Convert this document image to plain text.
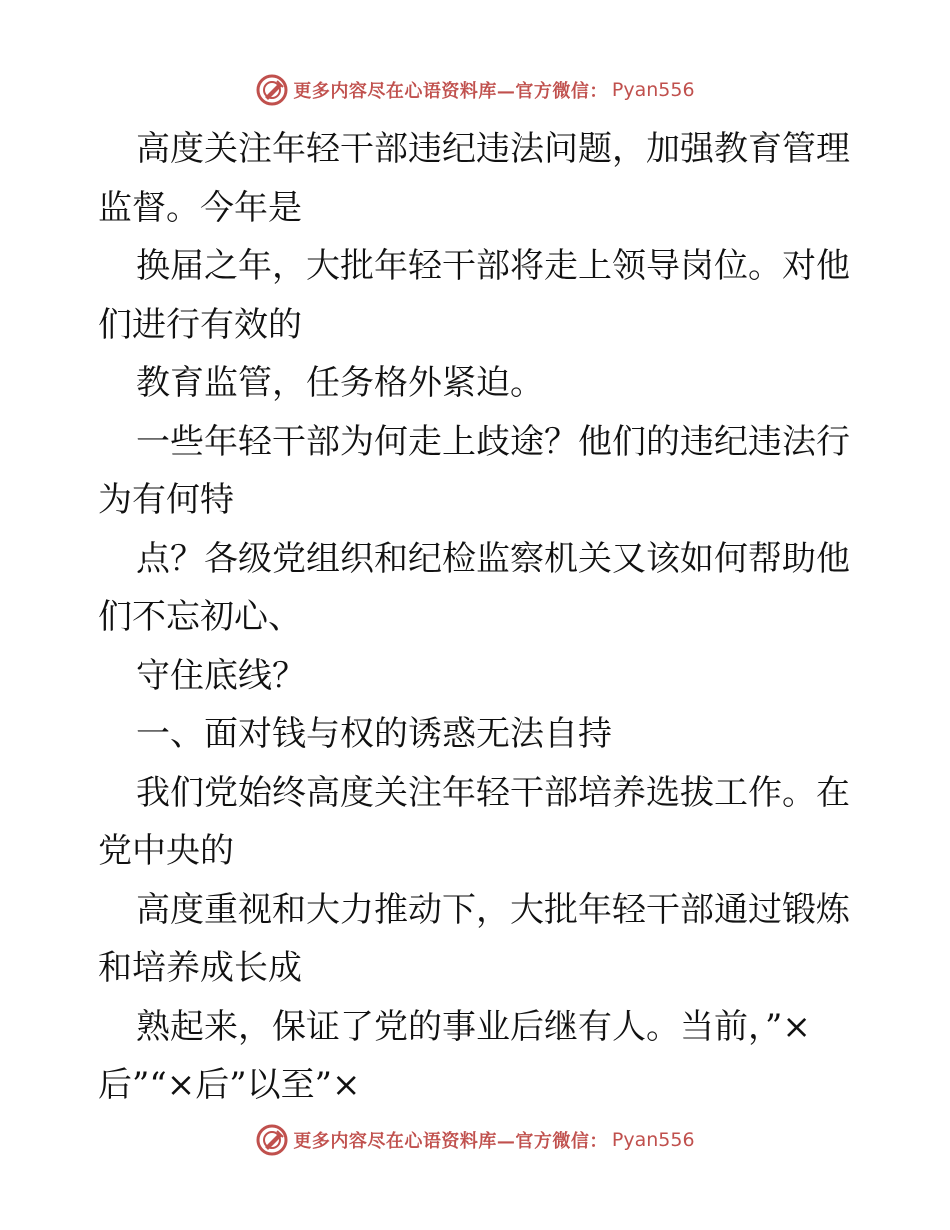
更多内容尽在心语资料库—官方微信： Pyan556

高度关注年轻干部违纪违法问题，加强教育管理监督。今年是

换届之年，大批年轻干部将走上领导岗位。对他们进行有效的

教育监管，任务格外紧迫。

一些年轻干部为何走上歧途？他们的违纪违法行为有何特

点？各级党组织和纪检监察机关又该如何帮助他们不忘初心、

守住底线？

一、面对钱与权的诱惑无法自持

我们党始终高度关注年轻干部培养选拔工作。在党中央的

高度重视和大力推动下，大批年轻干部通过锻炼和培养成长成

熟起来，保证了党的事业后继有人。当前，”×后”“×后”以至”×

更多内容尽在心语资料库—官方微信： Pyan556
